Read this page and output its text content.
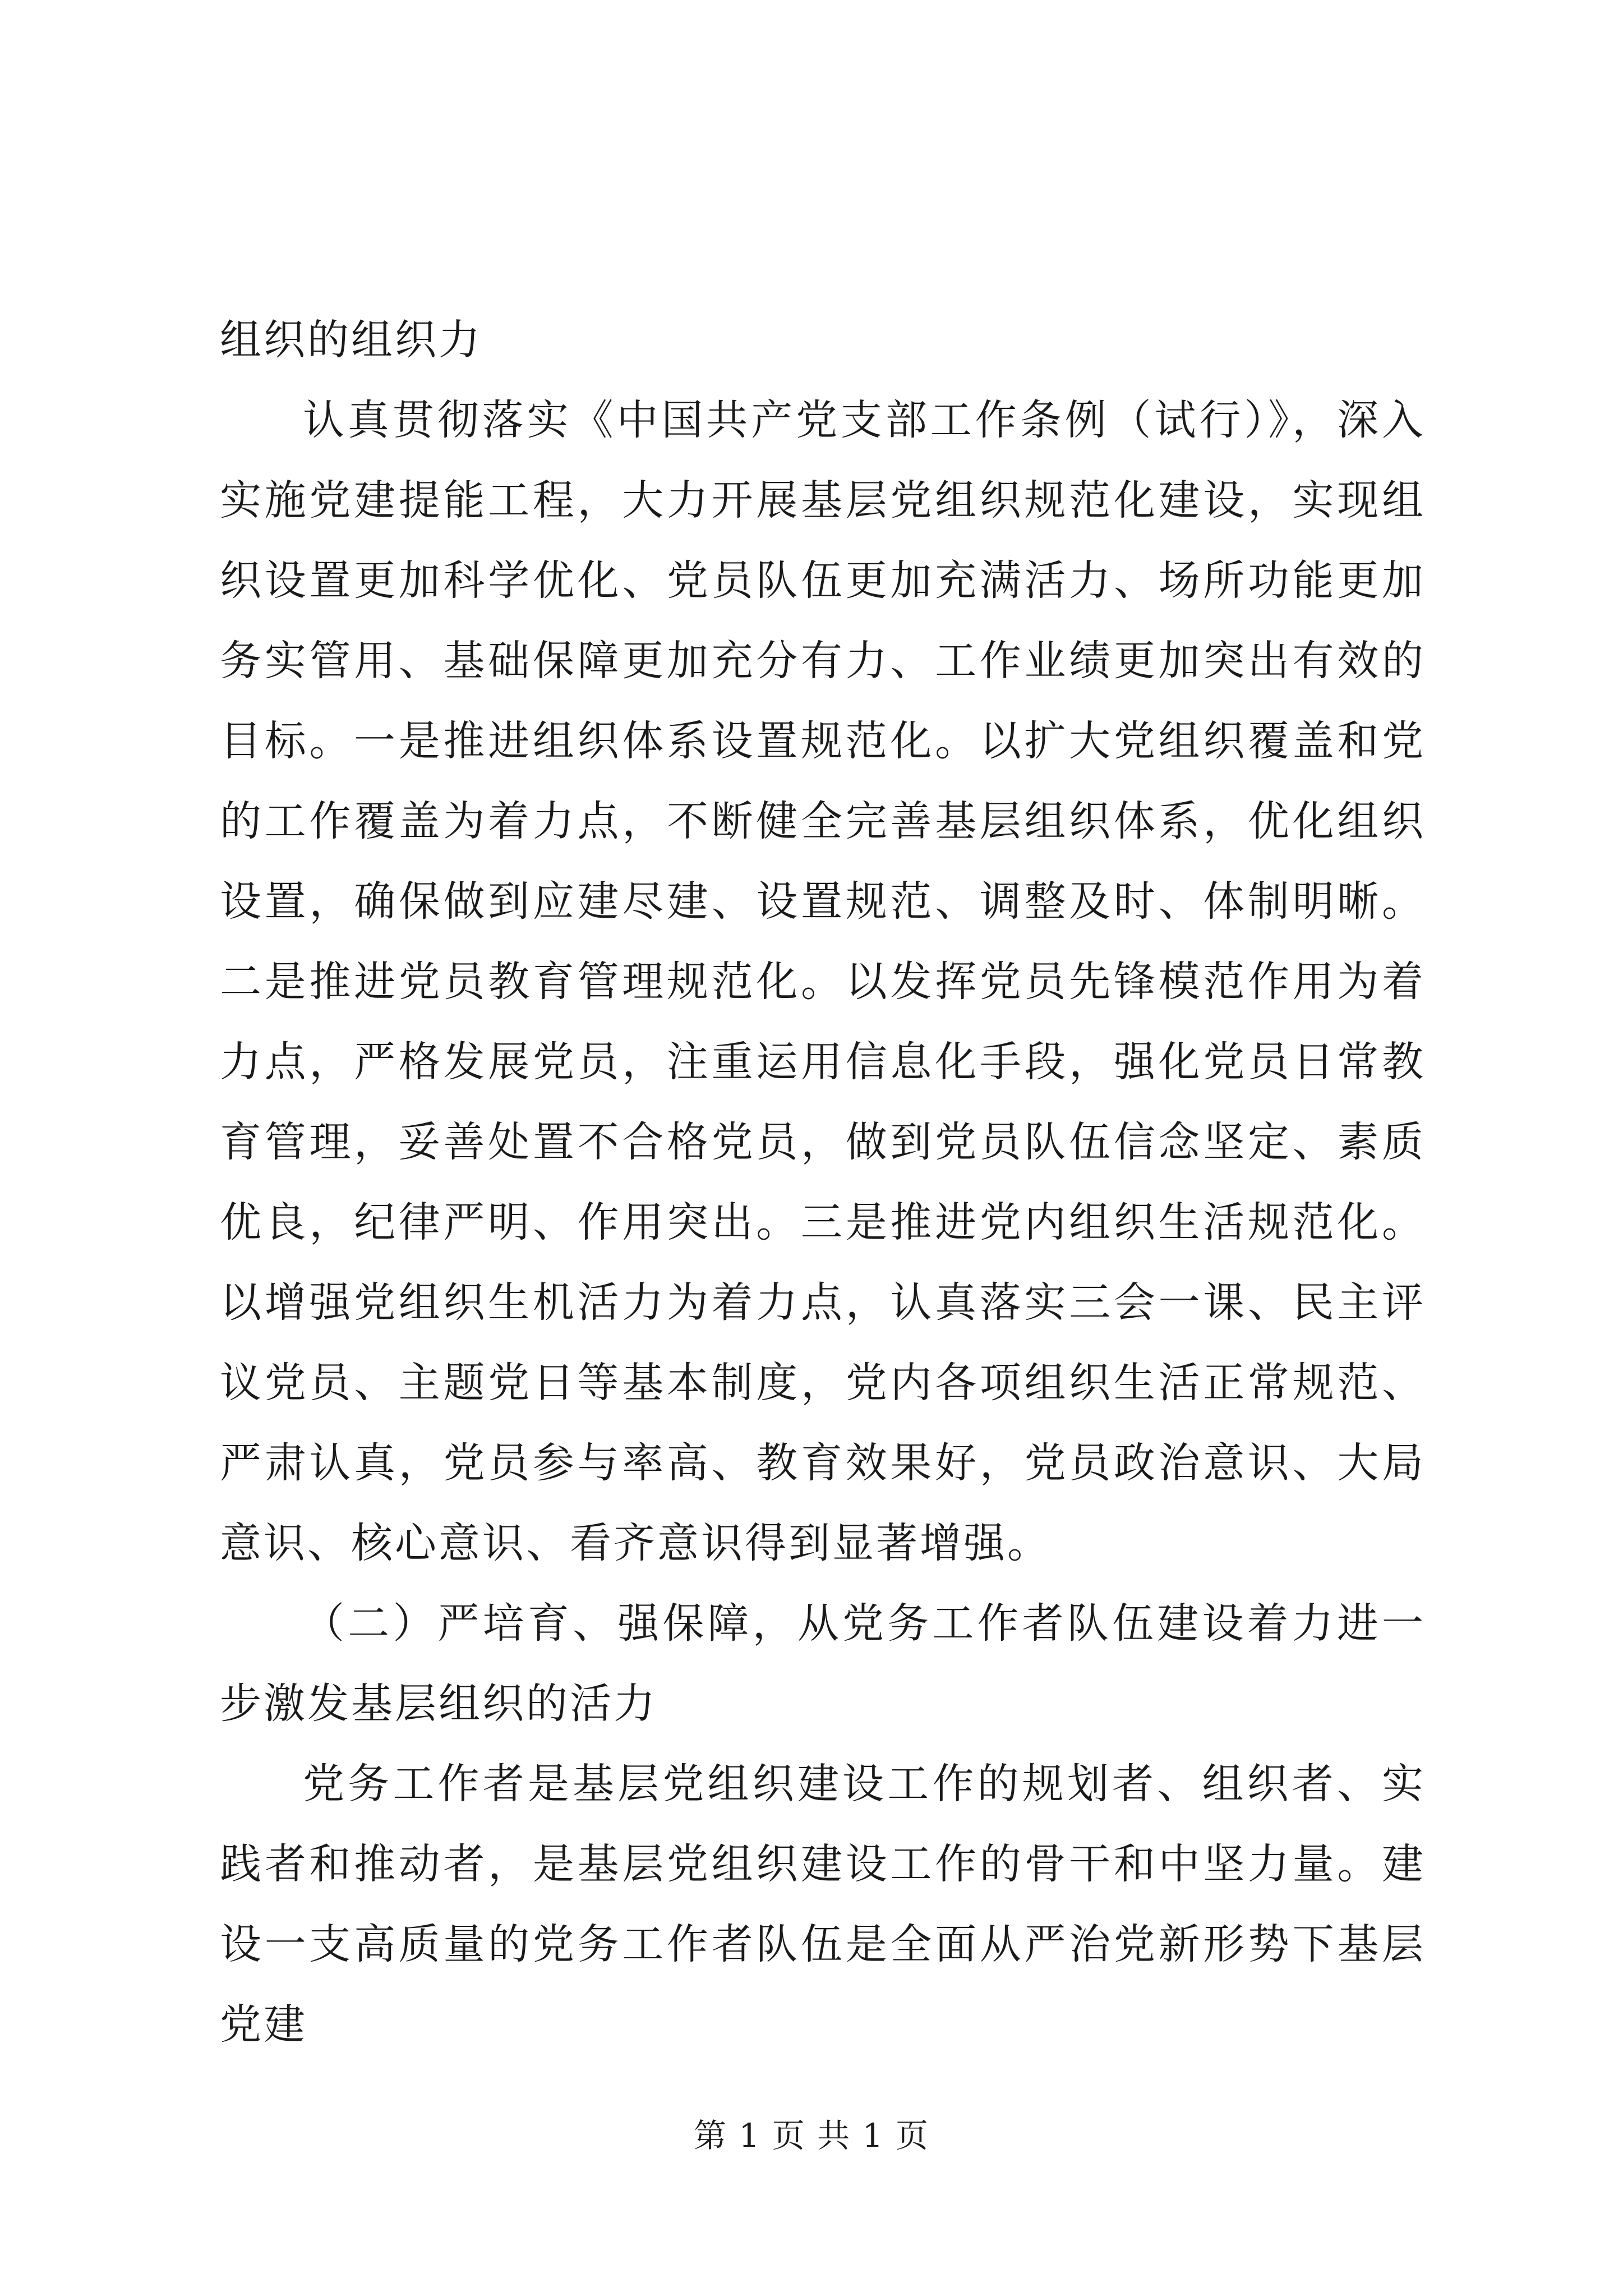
组织的组织力

认真贯彻落实《中国共产党支部工作条例（试行）》，深入实施党建提能工程，大力开展基层党组织规范化建设，实现组织设置更加科学优化、党员队伍更加充满活力、场所功能更加务实管用、基础保障更加充分有力、工作业绩更加突出有效的目标。一是推进组织体系设置规范化。以扩大党组织覆盖和党的工作覆盖为着力点，不断健全完善基层组织体系，优化组织设置，确保做到应建尽建、设置规范、调整及时、体制明晰。二是推进党员教育管理规范化。以发挥党员先锋模范作用为着力点，严格发展党员，注重运用信息化手段，强化党员日常教育管理，妥善处置不合格党员，做到党员队伍信念坚定、素质优良，纪律严明、作用突出。三是推进党内组织生活规范化。以增强党组织生机活力为着力点，认真落实三会一课、民主评议党员、主题党日等基本制度，党内各项组织生活正常规范、严肃认真，党员参与率高、教育效果好，党员政治意识、大局意识、核心意识、看齐意识得到显著增强。

（二）严培育、强保障，从党务工作者队伍建设着力进一步激发基层组织的活力

党务工作者是基层党组织建设工作的规划者、组织者、实践者和推动者，是基层党组织建设工作的骨干和中坚力量。建设一支高质量的党务工作者队伍是全面从严治党新形势下基层党建

第 1 页 共 1 页
